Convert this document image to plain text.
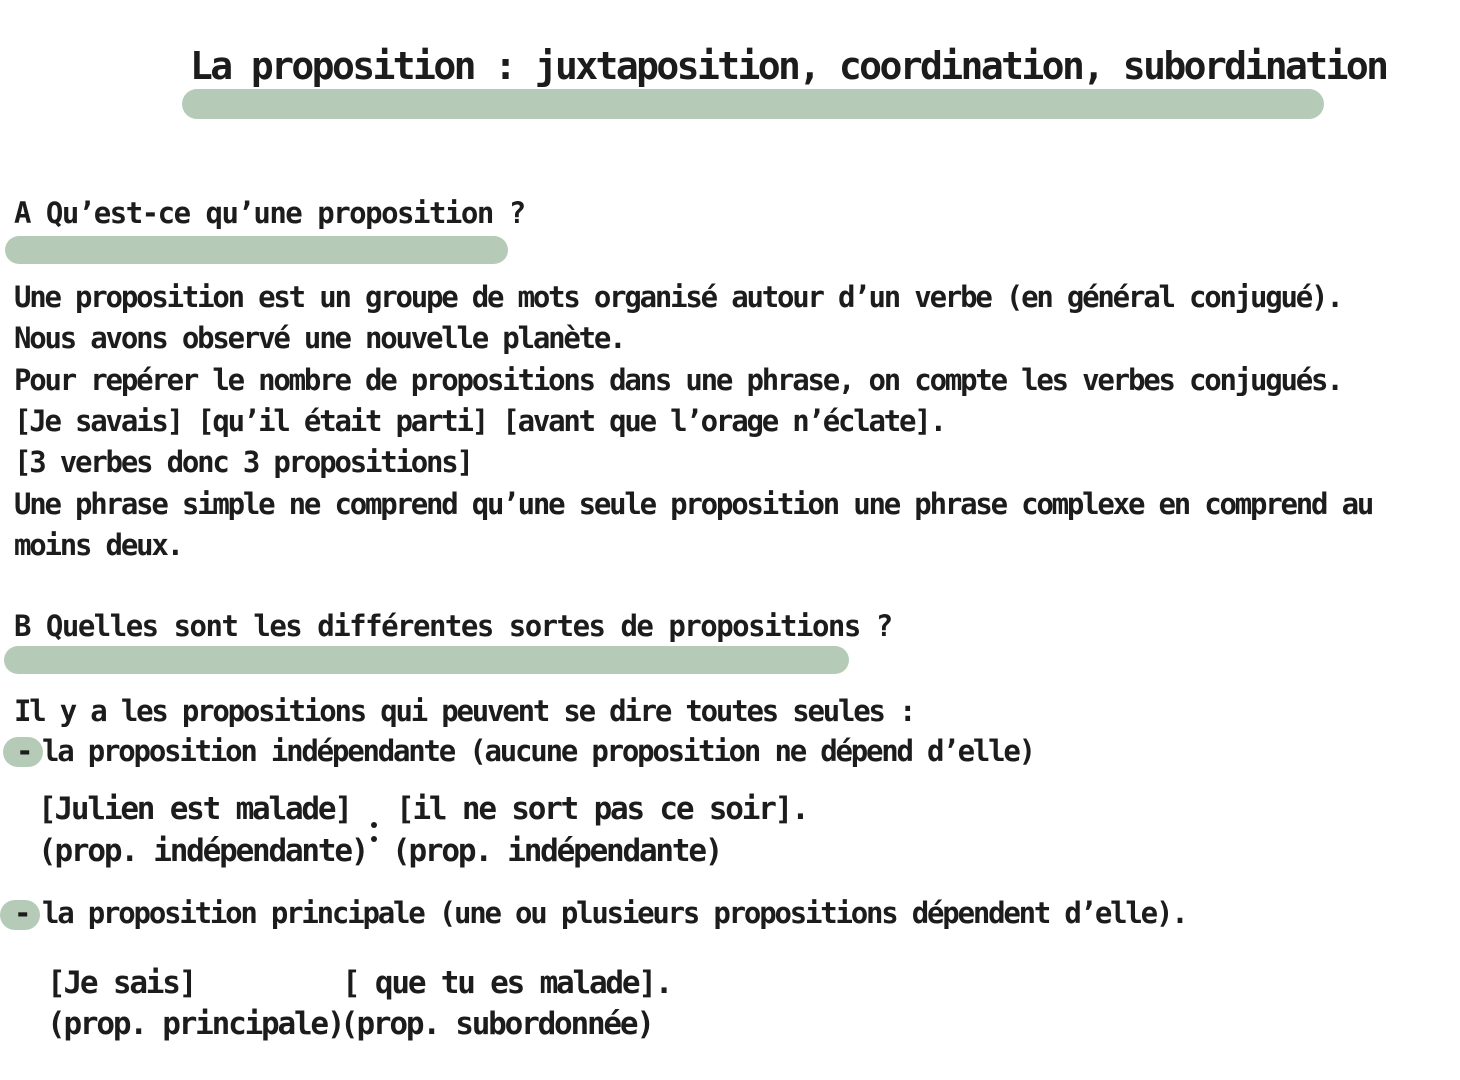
La proposition : juxtaposition, coordination, subordination
A Qu’est-ce qu’une proposition ?
Une proposition est un groupe de mots organisé autour d’un verbe (en général conjugué).
Nous avons observé une nouvelle planète.
Pour repérer le nombre de propositions dans une phrase, on compte les verbes conjugués.
[Je savais] [qu’il était parti] [avant que l’orage n’éclate].
[3 verbes donc 3 propositions]
Une phrase simple ne comprend qu’une seule proposition une phrase complexe en comprend au
moins deux.
B Quelles sont les différentes sortes de propositions ?
Il y a les propositions qui peuvent se dire toutes seules :
- la proposition indépendante (aucune proposition ne dépend d’elle)
[Julien est malade]
(prop. indépendante)
[il ne sort pas ce soir].
(prop. indépendante)
- la proposition principale (une ou plusieurs propositions dépendent d’elle).
[Je sais]
(prop. principale)
[ que tu es malade].
(prop. subordonnée)
